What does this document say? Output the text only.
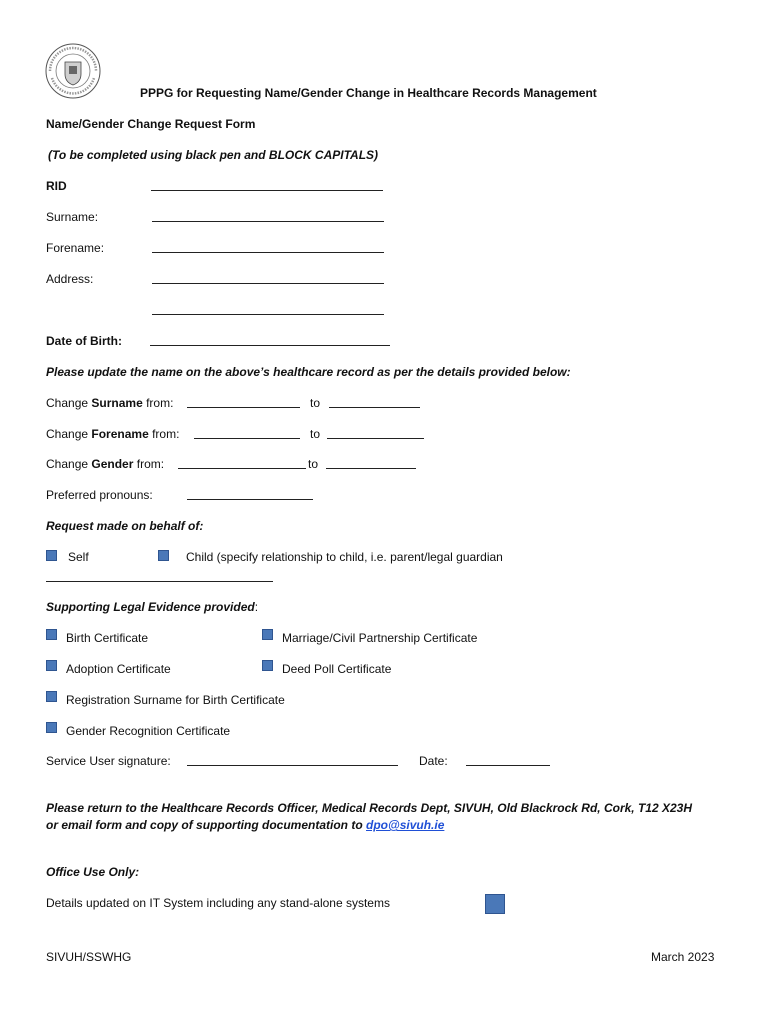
PPPG for Requesting Name/Gender Change in Healthcare Records Management
Name/Gender Change Request Form
(To be completed using black pen and BLOCK CAPITALS)
RID
Surname:
Forename:
Address:
Date of Birth:
Please update the name on the above’s healthcare record as per the details provided below:
Change Surname from:	to
Change Forename from:	to
Change Gender from:	to
Preferred pronouns:
Request made on behalf of:
Self	Child (specify relationship to child, i.e. parent/legal guardian
Supporting Legal Evidence provided:
Birth Certificate	Marriage/Civil Partnership Certificate
Adoption Certificate	Deed Poll Certificate
Registration Surname for Birth Certificate
Gender Recognition Certificate
Service User signature:	Date:
Please return to the Healthcare Records Officer, Medical Records Dept, SIVUH, Old Blackrock Rd, Cork, T12 X23H
or email form and copy of supporting documentation to dpo@sivuh.ie
Office Use Only:
Details updated on IT System including any stand-alone systems
SIVUH/SSWHG	March 2023
